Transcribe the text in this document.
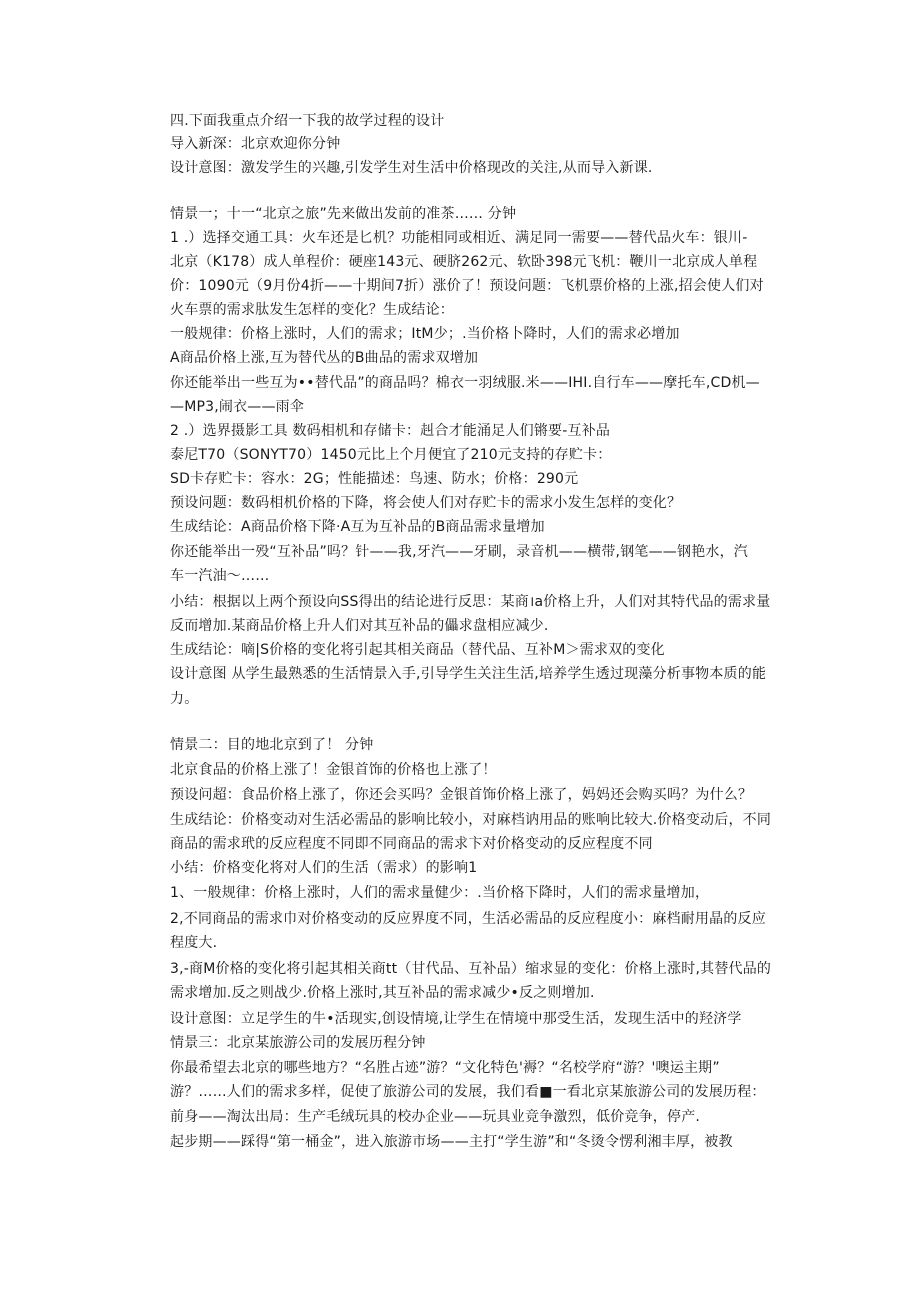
四.下面我重点介绍一下我的故学过程的设计
导入新深：北京欢迎你分钟
设计意图：激发学生的兴趣,引发学生对生活中价格现改的关注,从而导入新课.
情景一；十一“北京之旅”先来做出发前的准茶…… 分钟
1 .）选择交通工具：火车还是匕机？功能相同或相近、满足同一需要——替代品火车：银川-
北京（K178）成人单程价：硬座143元、硬脐262元、软卧398元飞机：鞭川一北京成人单程
价：1090元（9月份4折——十期间7折）涨价了！预设问题：飞机票价格的上涨,招会使人们对
火车票的需求肽发生怎样的变化？生成结论：
一般规律：价格上涨时，人们的需求；ItM少；.当价格卜降时，人们的需求必增加
A商品价格上涨,互为替代丛的B曲品的需求双增加
你还能举出一些互为••替代品”的商品吗？棉衣一羽绒服.米——IHI.自行车——摩托车,CD机—
—MP3,闹衣——雨伞
2 .）选界摄影工具 数码相机和存储卡：赳合才能涌足人们锵要-互补品
泰尼T70（SONYT70）1450元比上个月便宜了210元支持的存贮卡：
SD卡存贮卡：容水：2G；性能描述：鸟速、防水；价格：290元
预设问题：数码相机价格的下降，将会使人们对存贮卡的需求小发生怎样的变化？
生成结论：A商品价格下降·A互为互补品的B商品需求量增加
你还能举出一殁“互补品”吗？针——我,牙汽——牙刷，录音机——横带,钢笔——钢艳水，汽
车一汽油〜……
小结：根据以上两个预设向SS得出的结论进行反思：某商।a价格上升，人们对其特代品的需求量
反而增加.某商品价格上升人们对其互补品的儡求盘相应减少.
生成结论：嘀|S价格的变化将引起其相关商品（替代品、互补M＞需求双的变化
设计意图 从学生最熟悉的生活情景入手,引导学生关注生活,培养学生透过现藻分析事物本质的能
力。
情景二：目的地北京到了！ 分钟
北京食品的价格上涨了！金银首饰的价格也上涨了！
预设问超：食品价格上涨了，你还会买吗？金银首饰价格上涨了，妈妈还会购买吗？为什么？
生成结论：价格变动对生活必需品的影响比较小，对麻档讷用品的账响比较大.价格变动后，不同
商品的需求玳的反应程度不同即不同商品的需求卞对价格变动的反应程度不同
小结：价格变化将对人们的生活（需求）的影响1
1、一般规律：价格上涨时，人们的需求量健少：.当价格下降时，人们的需求量增加，
2,不同商品的需求巾对价格变动的反应界度不同，生活必需品的反应程度小：麻档耐用晶的反应
程度大.
3,-商M价格的变化将引起其相关商tt（甘代品、互补品）缩求显的变化：价格上涨时,其替代品的
需求增加.反之则战少.价格上涨时,其互补品的需求减少•反之则增加.
设计意图：立足学生的牛•活现实,创设情境,让学生在情境中那受生活，发现生活中的羟济学
情景三：北京某旅游公司的发展历程分钟
你最希望去北京的哪些地方？“名胜占迹”游？“文化特色'褥？“名校学府“游？'噢运主期”
游？……人们的需求多样，促使了旅游公司的发展，我们看■一看北京某旅游公司的发展历程：
前身——淘汰出局：生产毛绒玩具的校办企业——玩具业竞争激烈，低价竞争，停产.
起步期——踩得“第一桶金”，进入旅游市场——主打“学生游”和“冬烫令愣利湘丰厚，被教
